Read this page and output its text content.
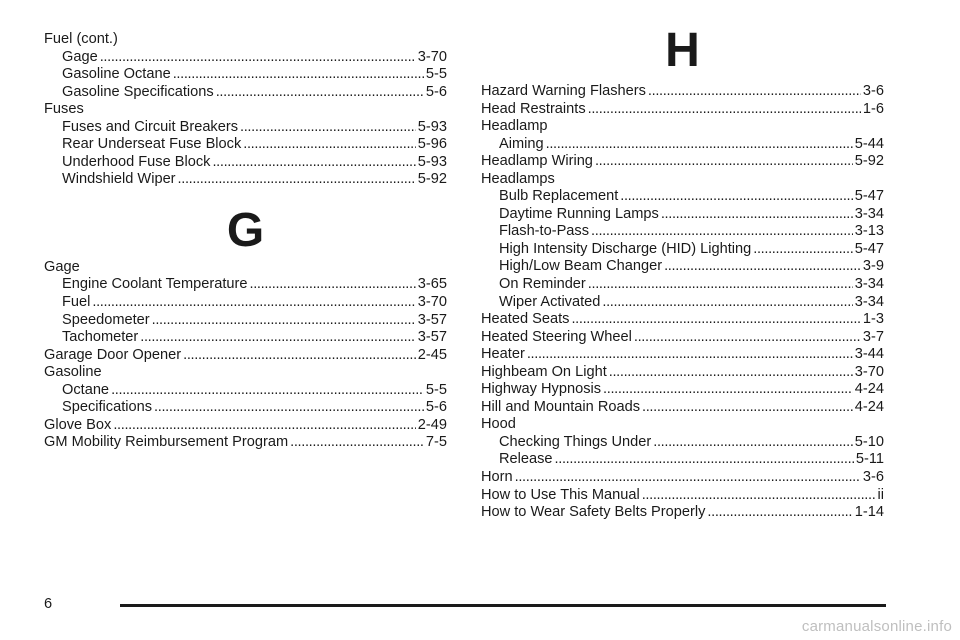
Fuel (cont.)
Gage . . .	3-70
Gasoline Octane . . .	5-5
Gasoline Specifications . . .	5-6
Fuses
Fuses and Circuit Breakers . . .	5-93
Rear Underseat Fuse Block . . .	5-96
Underhood Fuse Block . . .	5-93
Windshield Wiper . . .	5-92
G
Gage
Engine Coolant Temperature . . .	3-65
Fuel . . .	3-70
Speedometer . . .	3-57
Tachometer . . .	3-57
Garage Door Opener . . .	2-45
Gasoline
Octane . . .	5-5
Specifications . . .	5-6
Glove Box . . .	2-49
GM Mobility Reimbursement Program . . .	7-5
H
Hazard Warning Flashers . . .	3-6
Head Restraints . . .	1-6
Headlamp
Aiming . . .	5-44
Headlamp Wiring . . .	5-92
Headlamps
Bulb Replacement . . .	5-47
Daytime Running Lamps . . .	3-34
Flash-to-Pass . . .	3-13
High Intensity Discharge (HID) Lighting . . .	5-47
High/Low Beam Changer . . .	3-9
On Reminder . . .	3-34
Wiper Activated . . .	3-34
Heated Seats . . .	1-3
Heated Steering Wheel . . .	3-7
Heater . . .	3-44
Highbeam On Light . . .	3-70
Highway Hypnosis . . .	4-24
Hill and Mountain Roads . . .	4-24
Hood
Checking Things Under . . .	5-10
Release . . .	5-11
Horn . . .	3-6
How to Use This Manual . . .	ii
How to Wear Safety Belts Properly . . .	1-14
6
carmanualsonline.info
